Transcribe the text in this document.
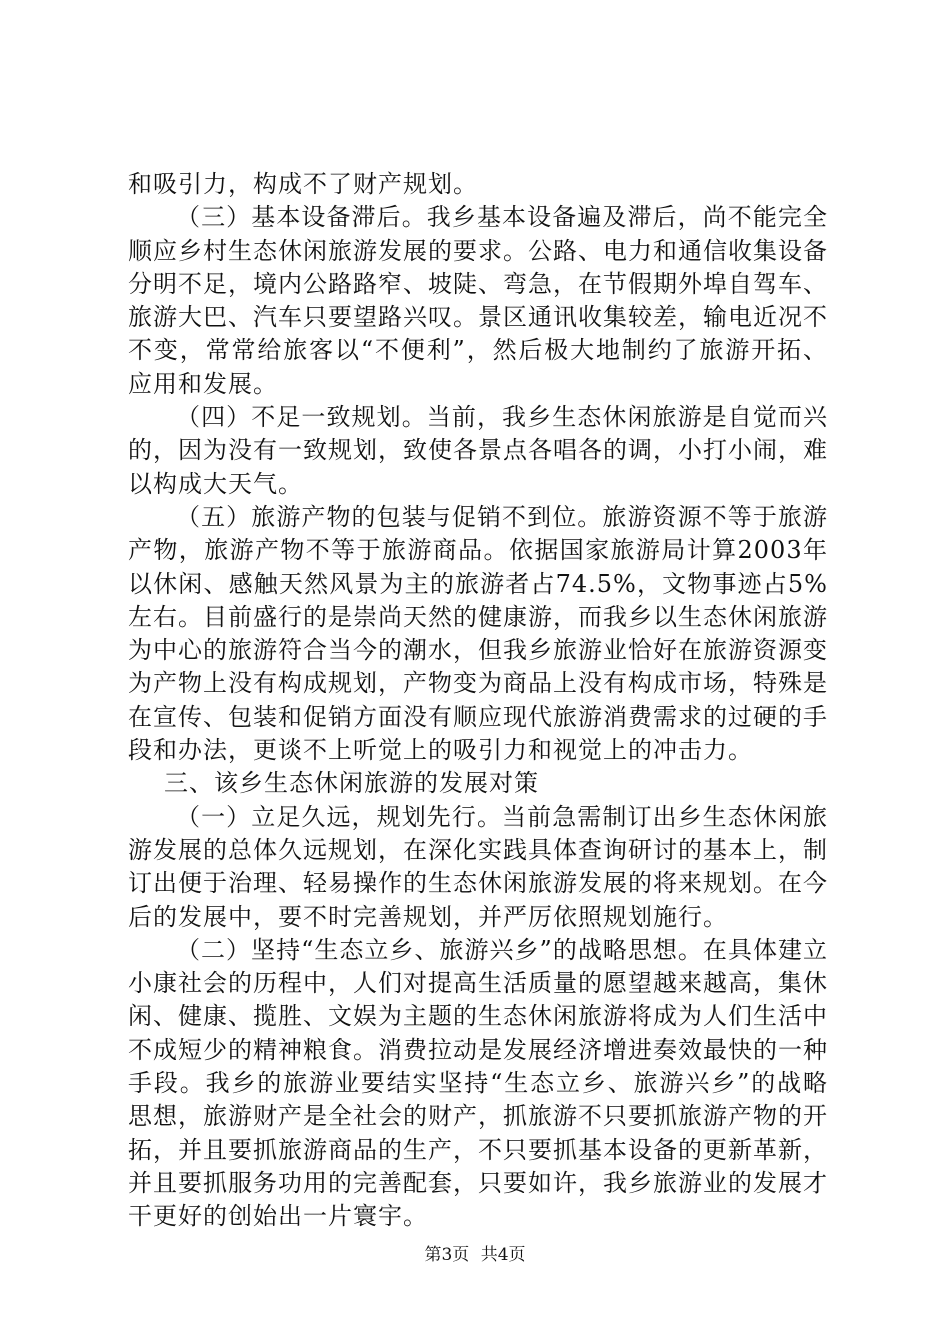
和吸引力，构成不了财产规划。

（三）基本设备滞后。我乡基本设备遍及滞后，尚不能完全顺应乡村生态休闲旅游发展的要求。公路、电力和通信收集设备分明不足，境内公路路窄、坡陡、弯急，在节假期外埠自驾车、旅游大巴、汽车只要望路兴叹。景区通讯收集较差，输电近况不不变，常常给旅客以“不便利”，然后极大地制约了旅游开拓、应用和发展。

（四）不足一致规划。当前，我乡生态休闲旅游是自觉而兴的，因为没有一致规划，致使各景点各唱各的调，小打小闹，难以构成大天气。

（五）旅游产物的包装与促销不到位。旅游资源不等于旅游产物，旅游产物不等于旅游商品。依据国家旅游局计算2003年以休闲、感触天然风景为主的旅游者占74.5%，文物事迹占5%左右。目前盛行的是崇尚天然的健康游，而我乡以生态休闲旅游为中心的旅游符合当今的潮水，但我乡旅游业恰好在旅游资源变为产物上没有构成规划，产物变为商品上没有构成市场，特殊是在宣传、包装和促销方面没有顺应现代旅游消费需求的过硬的手段和办法，更谈不上听觉上的吸引力和视觉上的冲击力。

三、该乡生态休闲旅游的发展对策

（一）立足久远，规划先行。当前急需制订出乡生态休闲旅游发展的总体久远规划，在深化实践具体查询研讨的基本上，制订出便于治理、轻易操作的生态休闲旅游发展的将来规划。在今后的发展中，要不时完善规划，并严厉依照规划施行。

（二）坚持“生态立乡、旅游兴乡”的战略思想。在具体建立小康社会的历程中，人们对提高生活质量的愿望越来越高，集休闲、健康、揽胜、文娱为主题的生态休闲旅游将成为人们生活中不成短少的精神粮食。消费拉动是发展经济增进奏效最快的一种手段。我乡的旅游业要结实坚持“生态立乡、旅游兴乡”的战略思想，旅游财产是全社会的财产，抓旅游不只要抓旅游产物的开拓，并且要抓旅游商品的生产，不只要抓基本设备的更新革新，并且要抓服务功用的完善配套，只要如许，我乡旅游业的发展才干更好的创始出一片寰宇。

第3页 共4页
